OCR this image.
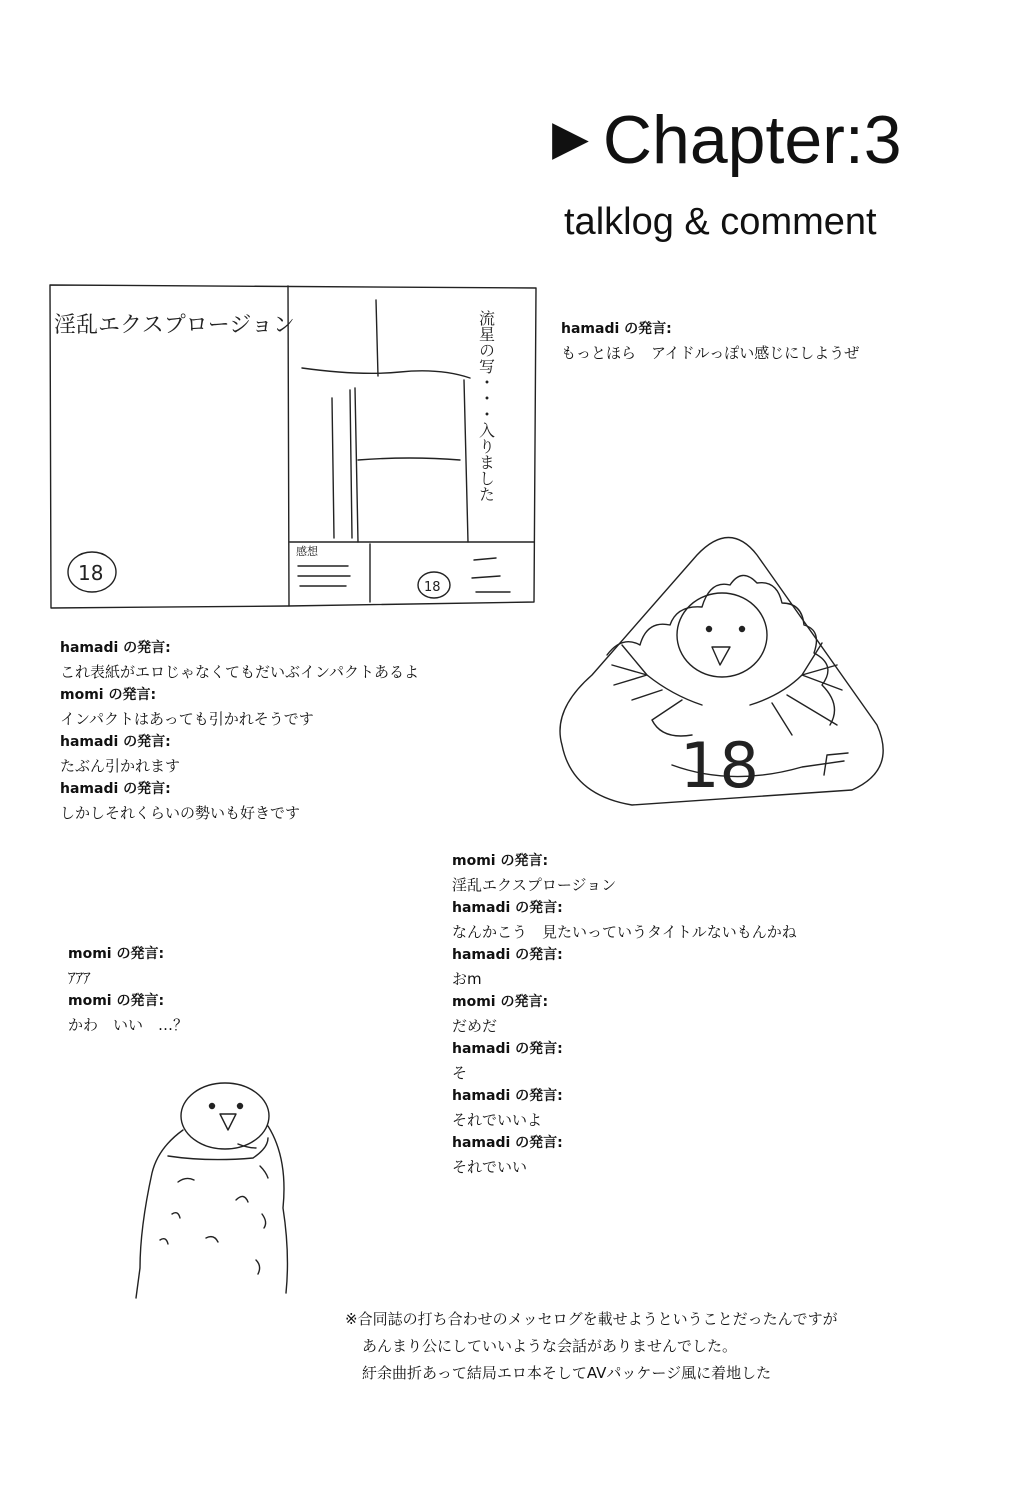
▶ Chapter:3
talklog & comment
淫乱エクスプロージョン
18
流星の写・・・入りました
感想
18
18
hamadi の発言:
もっとほら　アイドルっぽい感じにしようぜ
hamadi の発言:
これ表紙がエロじゃなくてもだいぶインパクトあるよ
momi の発言:
インパクトはあっても引かれそうです
hamadi の発言:
たぶん引かれます
hamadi の発言:
しかしそれくらいの勢いも好きです
momi の発言:
淫乱エクスプロージョン
hamadi の発言:
なんかこう　見たいっていうタイトルないもんかね
hamadi の発言:
おm
momi の発言:
だめだ
hamadi の発言:
そ
hamadi の発言:
それでいいよ
hamadi の発言:
それでいい
momi の発言:
ｱｱｱ
momi の発言:
かわ　いい　…？
※合同誌の打ち合わせのメッセログを載せようということだったんですが
あんまり公にしていいような会話がありませんでした。
紆余曲折あって結局エロ本そしてAVパッケージ風に着地した
